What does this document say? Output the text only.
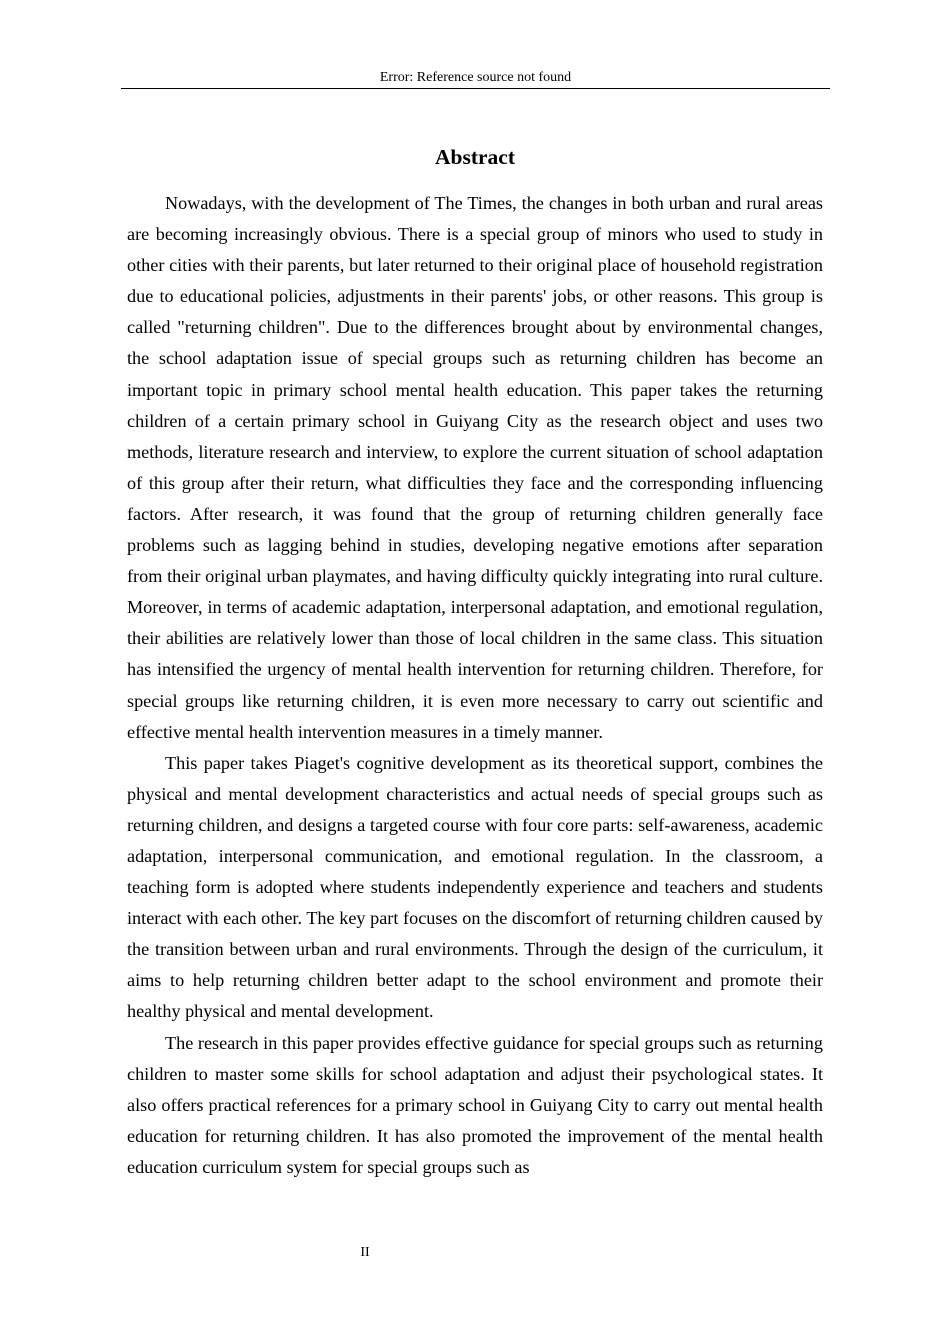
Error: Reference source not found
Abstract

Nowadays, with the development of The Times, the changes in both urban and rural areas are becoming increasingly obvious. There is a special group of minors who used to study in other cities with their parents, but later returned to their original place of household registration due to educational policies, adjustments in their parents' jobs, or other reasons. This group is called "returning children". Due to the differences brought about by environmental changes, the school adaptation issue of special groups such as returning children has become an important topic in primary school mental health education. This paper takes the returning children of a certain primary school in Guiyang City as the research object and uses two methods, literature research and interview, to explore the current situation of school adaptation of this group after their return, what difficulties they face and the corresponding influencing factors. After research, it was found that the group of returning children generally face problems such as lagging behind in studies, developing negative emotions after separation from their original urban playmates, and having difficulty quickly integrating into rural culture. Moreover, in terms of academic adaptation, interpersonal adaptation, and emotional regulation, their abilities are relatively lower than those of local children in the same class. This situation has intensified the urgency of mental health intervention for returning children. Therefore, for special groups like returning children, it is even more necessary to carry out scientific and effective mental health intervention measures in a timely manner.

This paper takes Piaget's cognitive development as its theoretical support, combines the physical and mental development characteristics and actual needs of special groups such as returning children, and designs a targeted course with four core parts: self-awareness, academic adaptation, interpersonal communication, and emotional regulation. In the classroom, a teaching form is adopted where students independently experience and teachers and students interact with each other. The key part focuses on the discomfort of returning children caused by the transition between urban and rural environments. Through the design of the curriculum, it aims to help returning children better adapt to the school environment and promote their healthy physical and mental development.

The research in this paper provides effective guidance for special groups such as returning children to master some skills for school adaptation and adjust their psychological states. It also offers practical references for a primary school in Guiyang City to carry out mental health education for returning children. It has also promoted the improvement of the mental health education curriculum system for special groups such as

II
